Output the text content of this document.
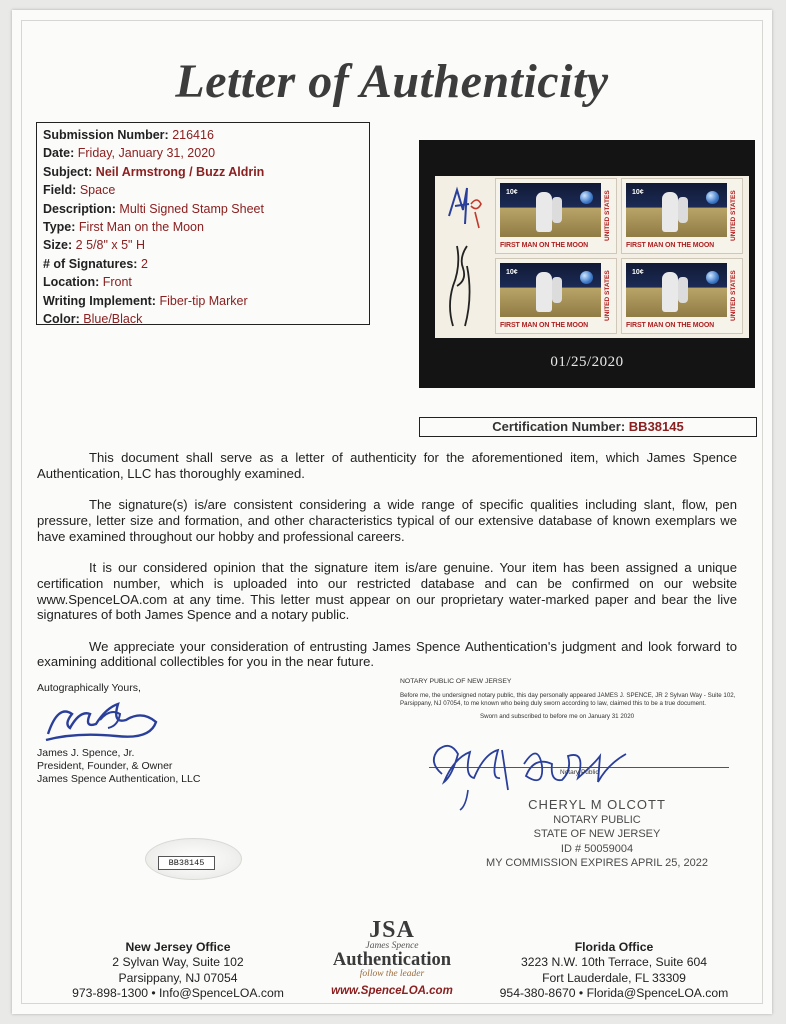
Letter of Authenticity
Submission Number: 216416
Date: Friday, January 31, 2020
Subject: Neil Armstrong / Buzz Aldrin
Field: Space
Description: Multi Signed Stamp Sheet
Type: First Man on the Moon
Size: 2 5/8" x 5" H
# of Signatures: 2
Location: Front
Writing Implement: Fiber-tip Marker
Color: Blue/Black
10¢
FIRST MAN ON THE MOON
UNITED STATES	10¢
FIRST MAN ON THE MOON
UNITED STATES
10¢
FIRST MAN ON THE MOON
UNITED STATES	10¢
FIRST MAN ON THE MOON
UNITED STATES
01/25/2020
Certification Number: BB38145

This document shall serve as a letter of authenticity for the aforementioned item, which James Spence Authentication, LLC has thoroughly examined.

The signature(s) is/are consistent considering a wide range of specific qualities including slant, flow, pen pressure, letter size and formation, and other characteristics typical of our extensive database of known exemplars we have examined throughout our hobby and professional careers.

It is our considered opinion that the signature item is/are genuine. Your item has been assigned a unique certification number, which is uploaded into our restricted database and can be confirmed on our website www.SpenceLOA.com at any time. This letter must appear on our proprietary water-marked paper and bear the live signatures of both James Spence and a notary public.

We appreciate your consideration of entrusting James Spence Authentication's judgment and look forward to examining additional collectibles for you in the near future.

Autographically Yours,
James J. Spence, Jr.
President, Founder, & Owner
James Spence Authentication, LLC
BB38145
NOTARY PUBLIC OF NEW JERSEY
Before me, the undersigned notary public, this day personally appeared JAMES J. SPENCE, JR 2 Sylvan Way - Suite 102, Parsippany, NJ 07054, to me known who being duly sworn according to law, claimed this to be a true document.
Sworn and subscribed to before me on January 31 2020
Notary Public
CHERYL M OLCOTT
NOTARY PUBLIC
STATE OF NEW JERSEY
ID # 50059004
MY COMMISSION EXPIRES APRIL 25, 2022
New Jersey Office
2 Sylvan Way, Suite 102
Parsippany, NJ 07054
973-898-1300 • Info@SpenceLOA.com
JSA
James Spence
Authentication
follow the leader
www.SpenceLOA.com
Florida Office
3223 N.W. 10th Terrace, Suite 604
Fort Lauderdale, FL 33309
954-380-8670 • Florida@SpenceLOA.com
